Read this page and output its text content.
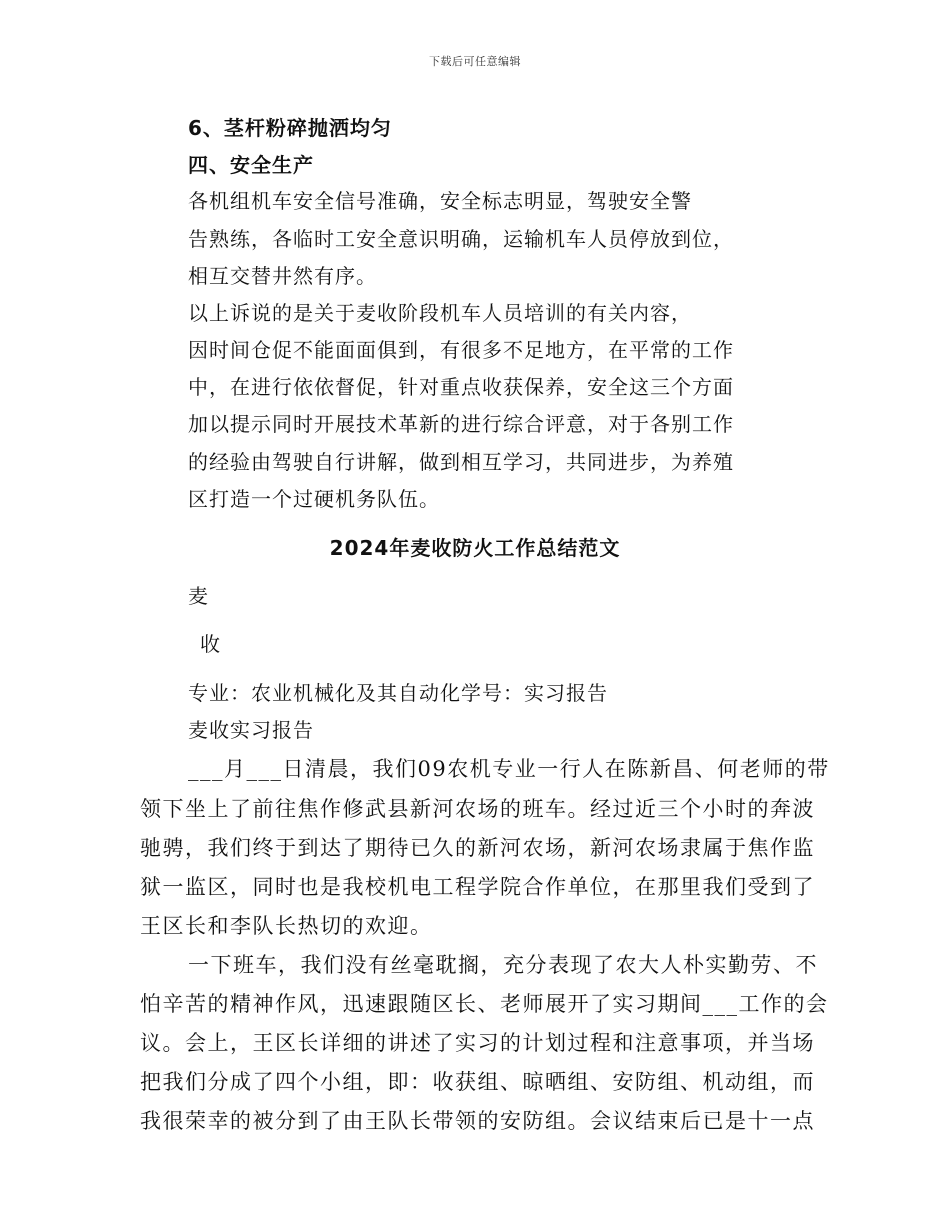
下载后可任意编辑
6、茎杆粉碎抛洒均匀
四、安全生产
各机组机车安全信号准确，安全标志明显，驾驶安全警
告熟练，各临时工安全意识明确，运输机车人员停放到位，
相互交替井然有序。
以上诉说的是关于麦收阶段机车人员培训的有关内容，
因时间仓促不能面面俱到，有很多不足地方，在平常的工作
中，在进行依依督促，针对重点收获保养，安全这三个方面
加以提示同时开展技术革新的进行综合评意，对于各别工作
的经验由驾驶自行讲解，做到相互学习，共同进步，为养殖
区打造一个过硬机务队伍。
2024年麦收防火工作总结范文
麦
收
专业：农业机械化及其自动化学号：实习报告
麦收实习报告
___月___日清晨，我们09农机专业一行人在陈新昌、何老师的带
领下坐上了前往焦作修武县新河农场的班车。经过近三个小时的奔波
驰骋，我们终于到达了期待已久的新河农场，新河农场隶属于焦作监
狱一监区，同时也是我校机电工程学院合作单位，在那里我们受到了
王区长和李队长热切的欢迎。
一下班车，我们没有丝毫耽搁，充分表现了农大人朴实勤劳、不
怕辛苦的精神作风，迅速跟随区长、老师展开了实习期间___工作的会
议。会上，王区长详细的讲述了实习的计划过程和注意事项，并当场
把我们分成了四个小组，即：收获组、晾晒组、安防组、机动组，而
我很荣幸的被分到了由王队长带领的安防组。会议结束后已是十一点
